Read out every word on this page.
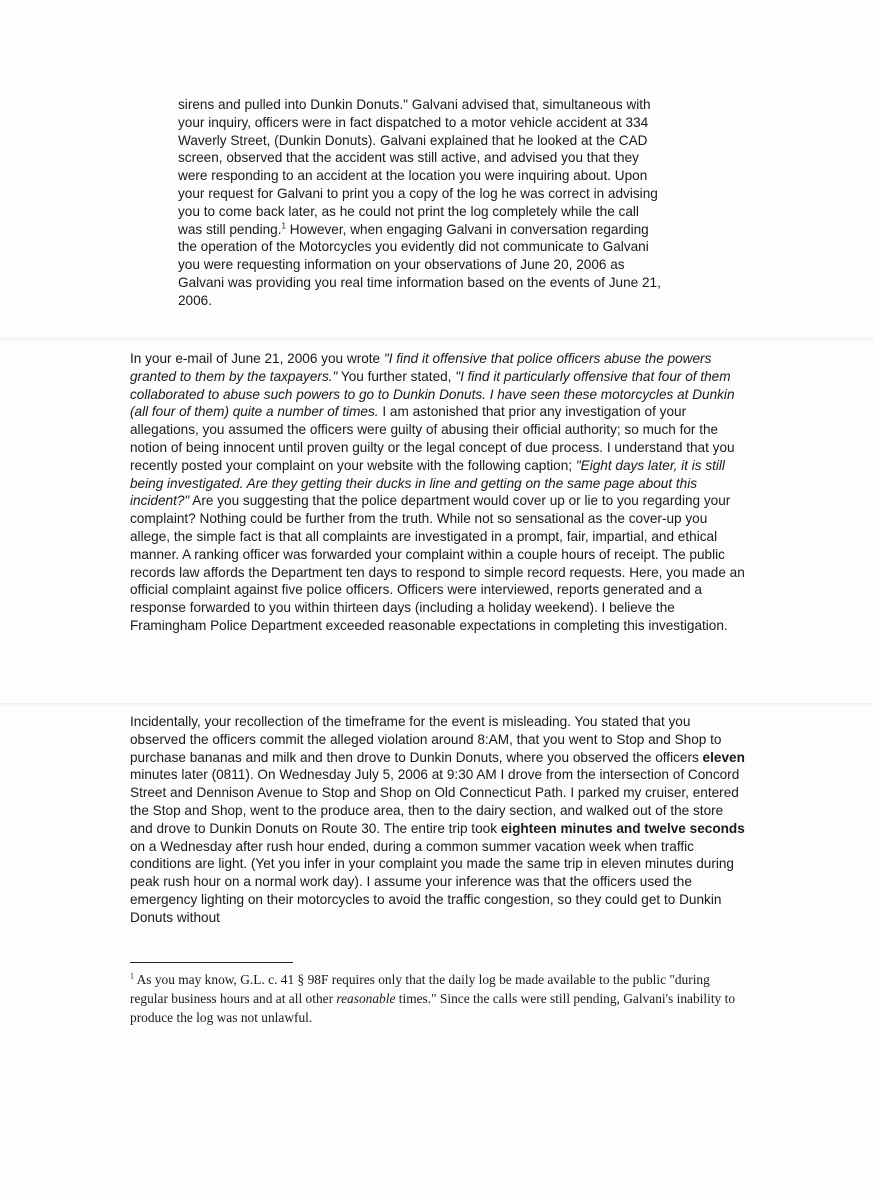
sirens and pulled into Dunkin Donuts." Galvani advised that, simultaneous with
your inquiry, officers were in fact dispatched to a motor vehicle accident at 334
Waverly Street, (Dunkin Donuts). Galvani explained that he looked at the CAD
screen, observed that the accident was still active, and advised you that they
were responding to an accident at the location you were inquiring about. Upon
your request for Galvani to print you a copy of the log he was correct in advising
you to come back later, as he could not print the log completely while the call
was still pending.$^1$ However, when engaging Galvani in conversation regarding
the operation of the Motorcycles you evidently did not communicate to Galvani
you were requesting information on your observations of June 20, 2006 as
Galvani was providing you real time information based on the events of June 21,
2006.

In your e-mail of June 21, 2006 you wrote "I find it offensive that police officers abuse the powers granted to them by the taxpayers." You further stated, "I find it particularly offensive that four of them collaborated to abuse such powers to go to Dunkin Donuts. I have seen these motorcycles at Dunkin (all four of them) quite a number of times. I am astonished that prior any investigation of your allegations, you assumed the officers were guilty of abusing their official authority; so much for the notion of being innocent until proven guilty or the legal concept of due process. I understand that you recently posted your complaint on your website with the following caption; "Eight days later, it is still being investigated. Are they getting their ducks in line and getting on the same page about this incident?" Are you suggesting that the police department would cover up or lie to you regarding your complaint? Nothing could be further from the truth. While not so sensational as the cover-up you allege, the simple fact is that all complaints are investigated in a prompt, fair, impartial, and ethical manner. A ranking officer was forwarded your complaint within a couple hours of receipt. The public records law affords the Department ten days to respond to simple record requests. Here, you made an official complaint against five police officers. Officers were interviewed, reports generated and a response forwarded to you within thirteen days (including a holiday weekend). I believe the Framingham Police Department exceeded reasonable expectations in completing this investigation.

Incidentally, your recollection of the timeframe for the event is misleading. You stated that you observed the officers commit the alleged violation around 8:AM, that you went to Stop and Shop to purchase bananas and milk and then drove to Dunkin Donuts, where you observed the officers eleven minutes later (0811). On Wednesday July 5, 2006 at 9:30 AM I drove from the intersection of Concord Street and Dennison Avenue to Stop and Shop on Old Connecticut Path. I parked my cruiser, entered the Stop and Shop, went to the produce area, then to the dairy section, and walked out of the store and drove to Dunkin Donuts on Route 30. The entire trip took eighteen minutes and twelve seconds on a Wednesday after rush hour ended, during a common summer vacation week when traffic conditions are light. (Yet you infer in your complaint you made the same trip in eleven minutes during peak rush hour on a normal work day). I assume your inference was that the officers used the emergency lighting on their motorcycles to avoid the traffic congestion, so they could get to Dunkin Donuts without

$^1$ As you may know, G.L. c. 41 § 98F requires only that the daily log be made available to the public "during regular business hours and at all other reasonable times." Since the calls were still pending, Galvani's inability to produce the log was not unlawful.
